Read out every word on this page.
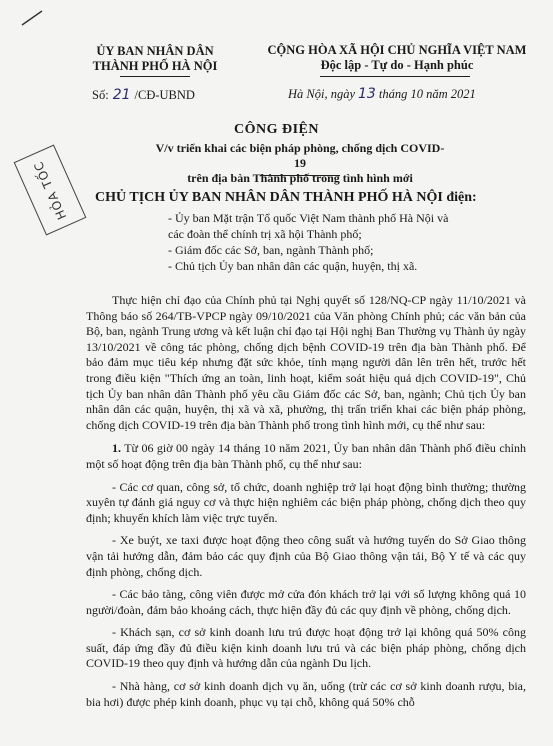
ỦY BAN NHÂN DÂN
THÀNH PHỐ HÀ NỘI
CỘNG HÒA XÃ HỘI CHỦ NGHĨA VIỆT NAM
Độc lập - Tự do - Hạnh phúc
Số: 21 /CĐ-UBND	Hà Nội, ngày 13 tháng 10 năm 2021
HỎA TỐC
CÔNG ĐIỆN
V/v triển khai các biện pháp phòng, chống dịch COVID-19
trên địa bàn Thành phố trong tình hình mới
CHỦ TỊCH ỦY BAN NHÂN DÂN THÀNH PHỐ HÀ NỘI điện:
- Ủy ban Mặt trận Tổ quốc Việt Nam thành phố Hà Nội và
các đoàn thể chính trị xã hội Thành phố;
- Giám đốc các Sở, ban, ngành Thành phố;
- Chủ tịch Ủy ban nhân dân các quận, huyện, thị xã.

Thực hiện chỉ đạo của Chính phủ tại Nghị quyết số 128/NQ-CP ngày 11/10/2021 và Thông báo số 264/TB-VPCP ngày 09/10/2021 của Văn phòng Chính phủ; các văn bản của Bộ, ban, ngành Trung ương và kết luận chỉ đạo tại Hội nghị Ban Thường vụ Thành ủy ngày 13/10/2021 về công tác phòng, chống dịch bệnh COVID-19 trên địa bàn Thành phố. Để bảo đảm mục tiêu kép nhưng đặt sức khỏe, tính mạng người dân lên trên hết, trước hết trong điều kiện "Thích ứng an toàn, linh hoạt, kiểm soát hiệu quả dịch COVID-19", Chủ tịch Ủy ban nhân dân Thành phố yêu cầu Giám đốc các Sở, ban, ngành; Chủ tịch Ủy ban nhân dân các quận, huyện, thị xã và xã, phường, thị trấn triển khai các biện pháp phòng, chống dịch COVID-19 trên địa bàn Thành phố trong tình hình mới, cụ thể như sau:

1. Từ 06 giờ 00 ngày 14 tháng 10 năm 2021, Ủy ban nhân dân Thành phố điều chỉnh một số hoạt động trên địa bàn Thành phố, cụ thể như sau:

- Các cơ quan, công sở, tổ chức, doanh nghiệp trở lại hoạt động bình thường; thường xuyên tự đánh giá nguy cơ và thực hiện nghiêm các biện pháp phòng, chống dịch theo quy định; khuyến khích làm việc trực tuyến.

- Xe buýt, xe taxi được hoạt động theo công suất và hướng tuyến do Sở Giao thông vận tải hướng dẫn, đảm bảo các quy định của Bộ Giao thông vận tải, Bộ Y tế và các quy định phòng, chống dịch.

- Các bảo tàng, công viên được mở cửa đón khách trở lại với số lượng không quá 10 người/đoàn, đảm bảo khoảng cách, thực hiện đầy đủ các quy định về phòng, chống dịch.

- Khách sạn, cơ sở kinh doanh lưu trú được hoạt động trở lại không quá 50% công suất, đáp ứng đầy đủ điều kiện kinh doanh lưu trú và các biện pháp phòng, chống dịch COVID-19 theo quy định và hướng dẫn của ngành Du lịch.

- Nhà hàng, cơ sở kinh doanh dịch vụ ăn, uống (trừ các cơ sở kinh doanh rượu, bia, bia hơi) được phép kinh doanh, phục vụ tại chỗ, không quá 50% chỗ
